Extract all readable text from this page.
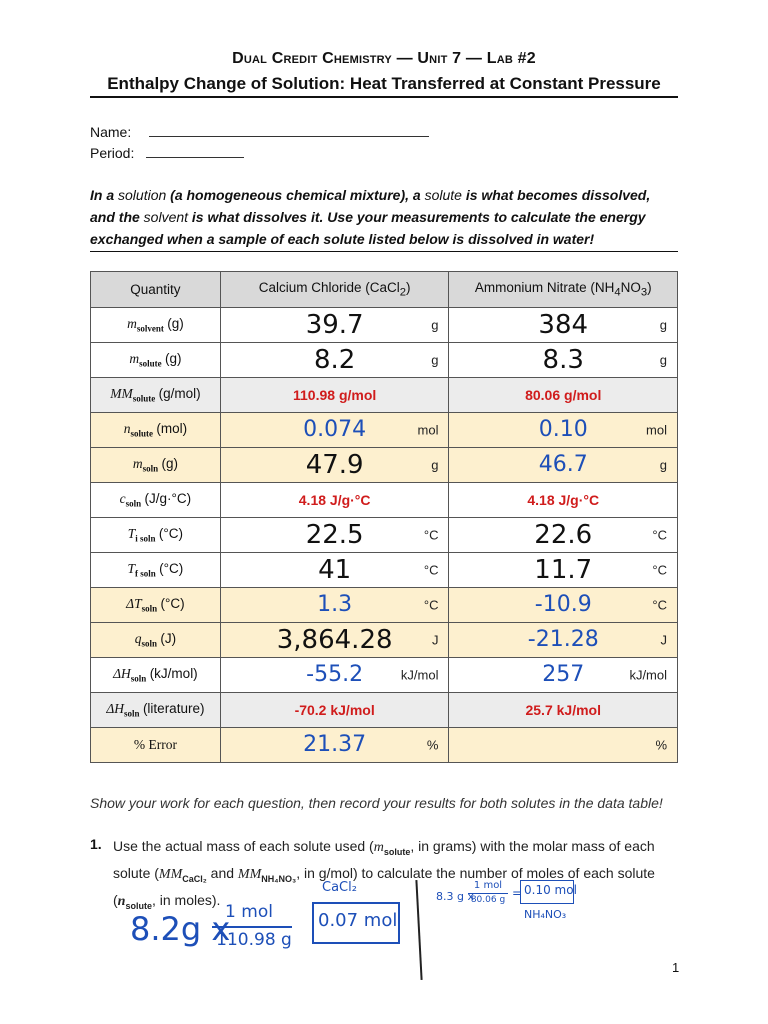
Dual Credit Chemistry — Unit 7 — Lab #2
Enthalpy Change of Solution: Heat Transferred at Constant Pressure
Name:
Period:
In a solution (a homogeneous chemical mixture), a solute is what becomes dissolved, and the solvent is what dissolves it. Use your measurements to calculate the energy exchanged when a sample of each solute listed below is dissolved in water!
Quantity	Calcium Chloride (CaCl$_2$)	Ammonium Nitrate $(NH_4NO_3)$
$m_{solvent}$ (g)	39.7 g	384 g

$m_{solute}$ (g)	8.2 g	8.3 g

$MM_{solute}$ (g/mol)	110.98 g/mol	80.06 g/mol

$n_{solute}$ (mol)	0.074 mol	0.10 mol

$m_{soln}$ (g)	47.9 g	46.7 g

$c_{soln}$ (J/g·°C)	4.18 J/g·°C	4.18 J/g·°C

$T_{i soln}$ (°C)	22.5 °C	22.6 °C

$T_{f soln}$ (°C)	41 °C	11.7 °C

$\Delta T_{soln}$ (°C)	1.3 °C	-10.9 °C

$q_{soln}$ (J)	3,864.28 J	-21.28 J

$\Delta H_{soln}$ (kJ/mol)	-55.2 kJ/mol	257 kJ/mol

$\Delta H_{soln}$ (literature)	-70.2 kJ/mol	25.7 kJ/mol

% Error	21.37 %	%
Show your work for each question, then record your results for both solutes in the data table!
1. Use the actual mass of each solute used ($m_{solute}$, in grams) with the molar mass of each solute ($MM_{CaCl_2}$ and $MM_{NH_4NO_3}$, in g/mol) to calculate the number of moles of each solute ($n_{solute}$, in moles).
CaCl₂
8.2g x
1 mol
110.98 g
0.07 mol
8.3 g x
1 mol
80.06 g = 0.10 mol
NH₄NO₃
1
